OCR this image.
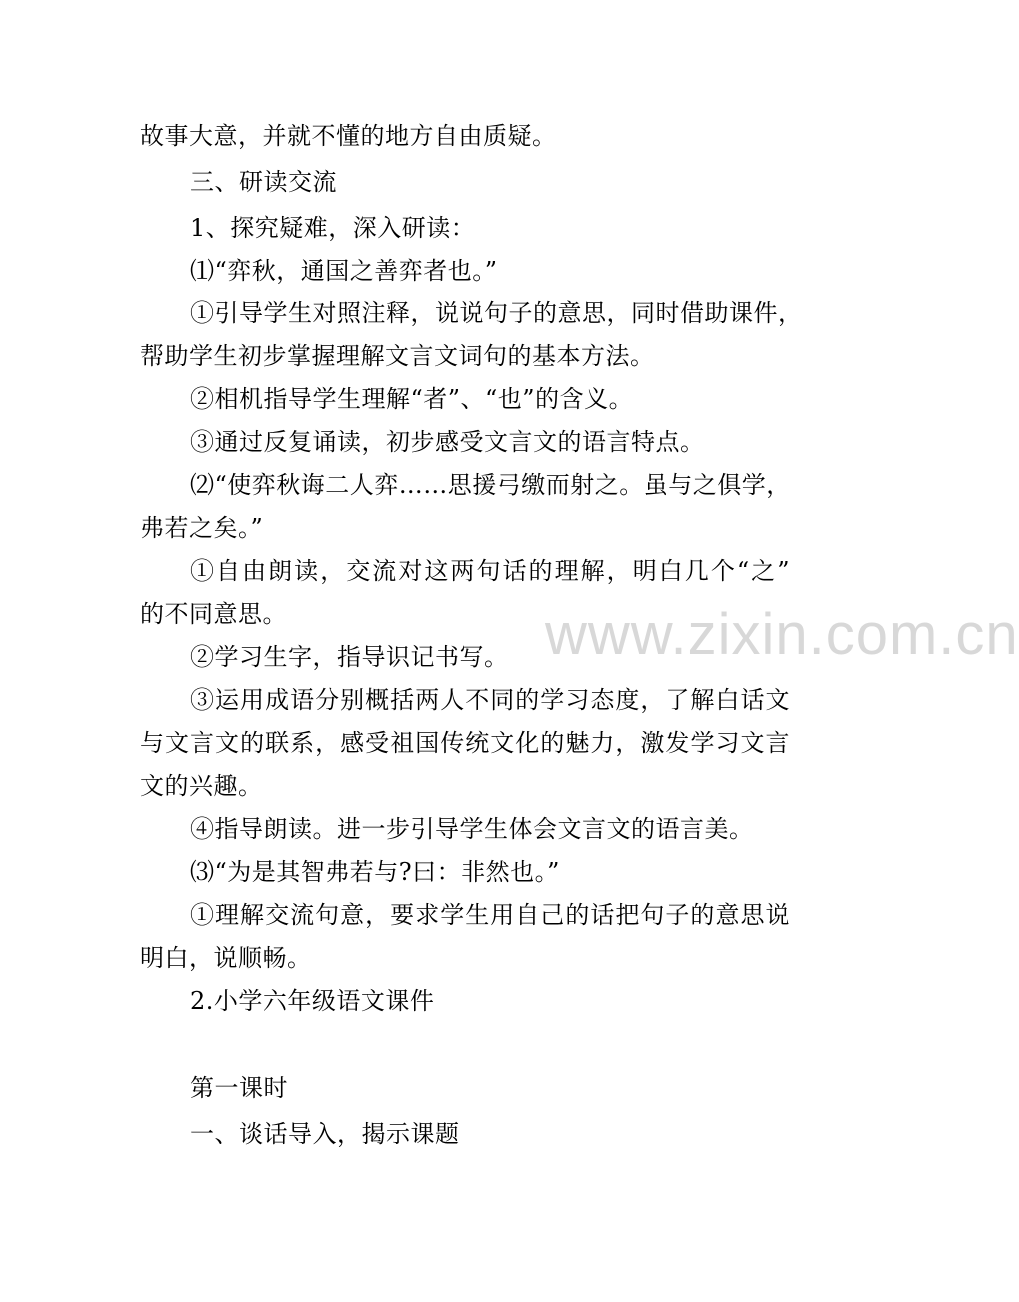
故事大意，并就不懂的地方自由质疑。
三、研读交流
1、探究疑难，深入研读：
⑴“弈秋，通国之善弈者也。”
①引导学生对照注释，说说句子的意思，同时借助课件，
帮助学生初步掌握理解文言文词句的基本方法。
②相机指导学生理解“者”、“也”的含义。
③通过反复诵读，初步感受文言文的语言特点。
⑵“使弈秋诲二人弈……思援弓缴而射之。虽与之俱学，
弗若之矣。”
①自由朗读，交流对这两句话的理解，明白几个“之”
的不同意思。
②学习生字，指导识记书写。
③运用成语分别概括两人不同的学习态度，了解白话文
与文言文的联系，感受祖国传统文化的魅力，激发学习文言
文的兴趣。
④指导朗读。进一步引导学生体会文言文的语言美。
⑶“为是其智弗若与?曰：非然也。”
①理解交流句意，要求学生用自己的话把句子的意思说
明白，说顺畅。
2.小学六年级语文课件
第一课时
一、谈话导入，揭示课题
www.zixin.com.cn
